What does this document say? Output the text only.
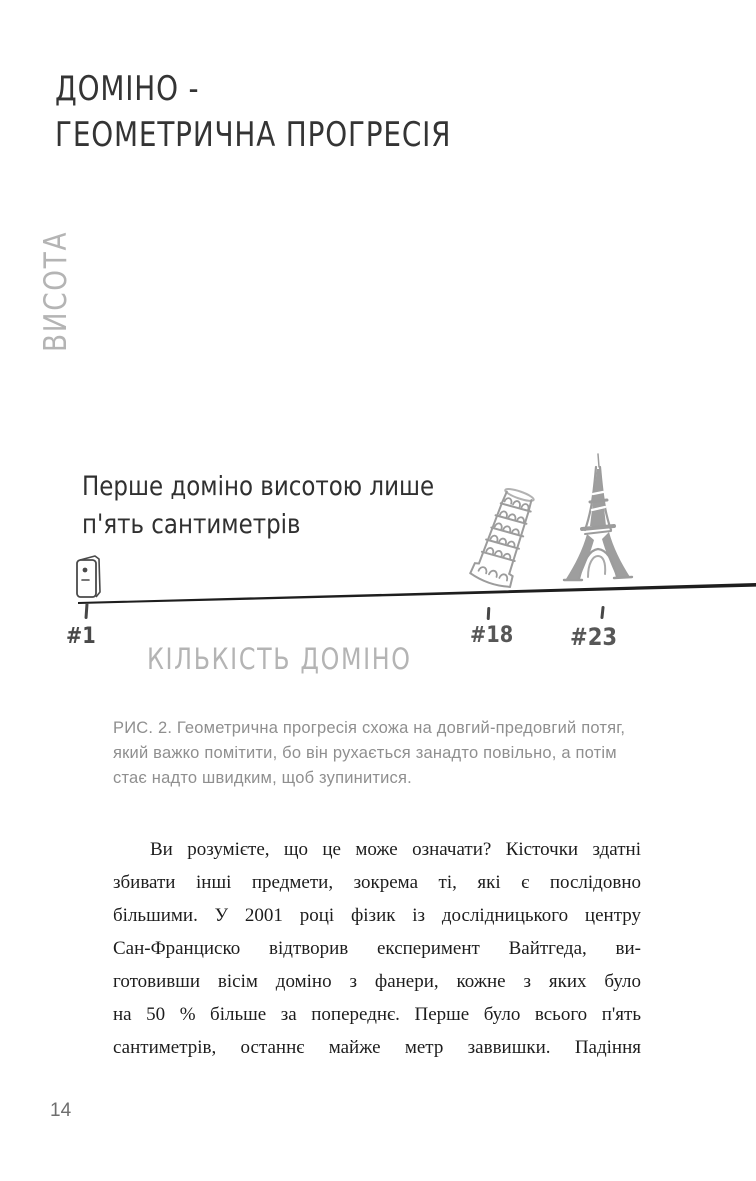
ДОМІНО -
ГЕОМЕТРИЧНА ПРОГРЕСІЯ
ВИСОТА
Перше доміно висотою лише
п'ять сантиметрів
#1	#18 #23
КІЛЬКІСТЬ ДОМІНО
РИС. 2. Геометрична прогресія схожа на довгий-предовгий потяг,
який важко помітити, бо він рухається занадто повільно, а потім
стає надто швидким, щоб зупинитися.
Ви розумієте, що це може означати? Кісточки здатні
збивати інші предмети, зокрема ті, які є послідовно
більшими. У 2001 році фізик із дослідницького центру
Сан-Франциско відтворив експеримент Вайтгеда, ви-
готовивши вісім доміно з фанери, кожне з яких було
на 50 % більше за попереднє. Перше було всього п'ять
сантиметрів, останнє майже метр заввишки. Падіння
14
